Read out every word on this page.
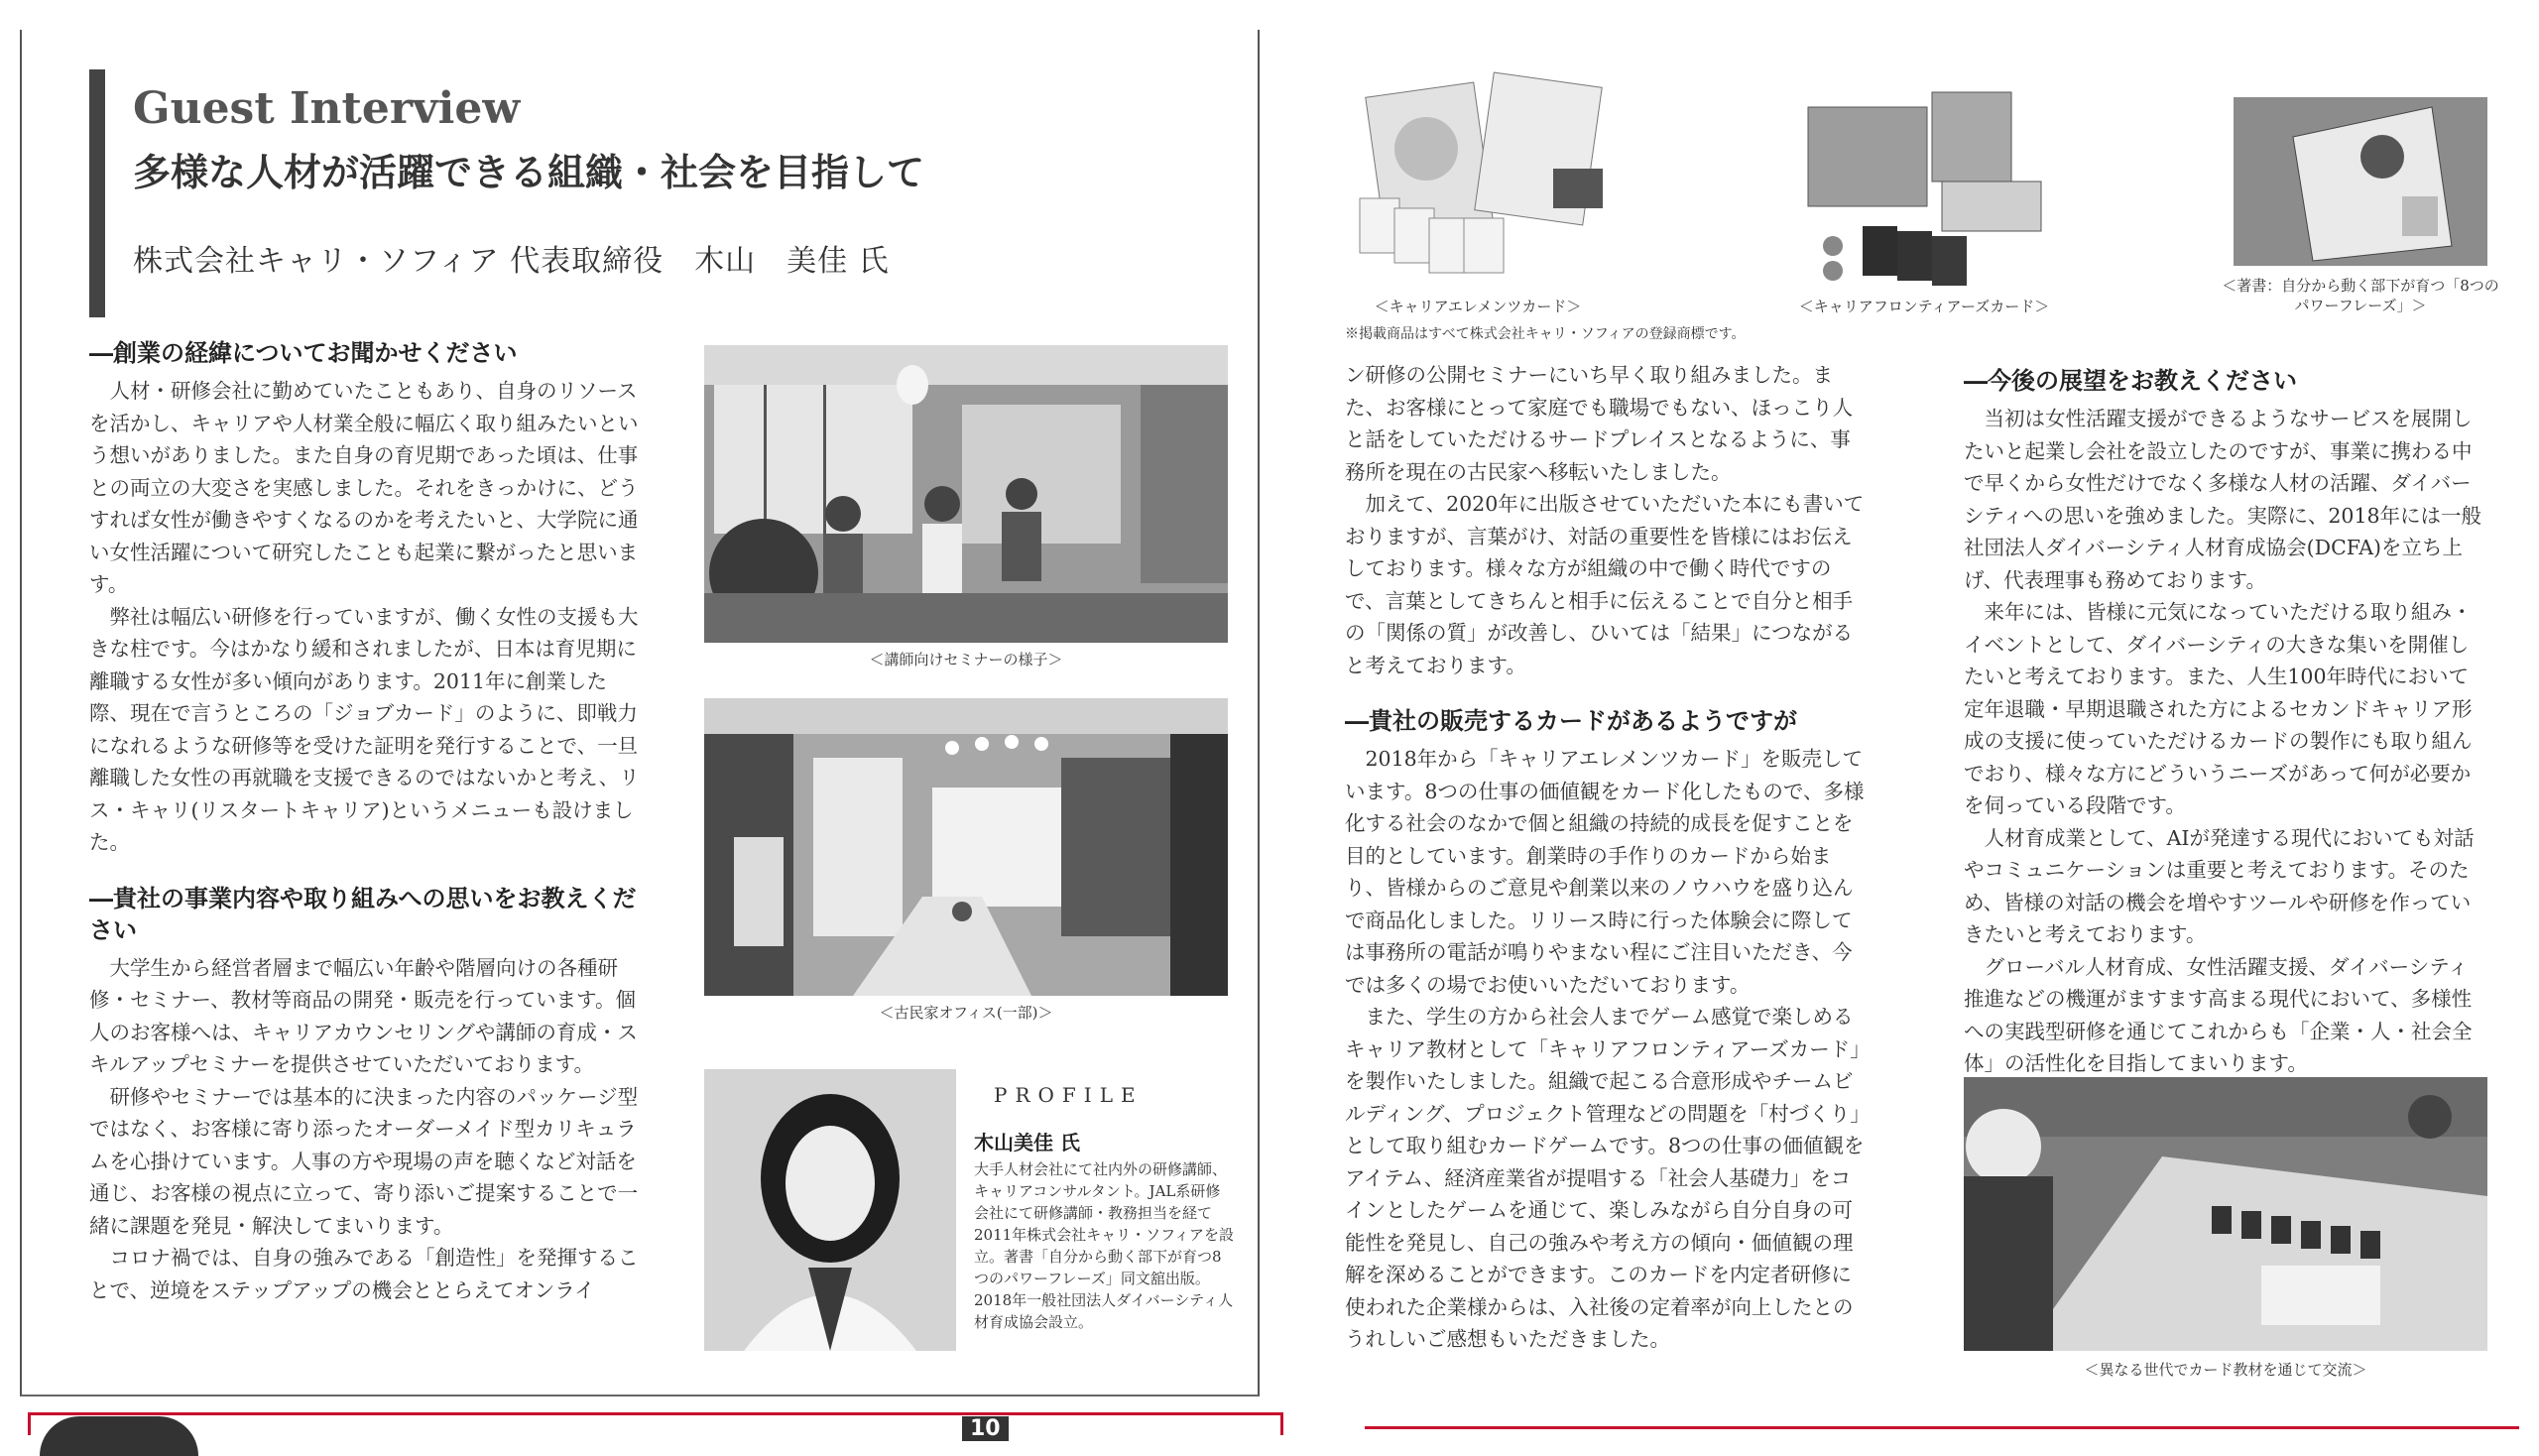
Guest Interview
多様な人材が活躍できる組織・社会を目指して
株式会社キャリ・ソフィア 代表取締役　木山　美佳 氏
―創業の経緯についてお聞かせください

人材・研修会社に勤めていたこともあり、自身のリソースを活かし、キャリアや人材業全般に幅広く取り組みたいという想いがありました。また自身の育児期であった頃は、仕事との両立の大変さを実感しました。それをきっかけに、どうすれば女性が働きやすくなるのかを考えたいと、大学院に通い女性活躍について研究したことも起業に繋がったと思います。

弊社は幅広い研修を行っていますが、働く女性の支援も大きな柱です。今はかなり緩和されましたが、日本は育児期に離職する女性が多い傾向があります。2011年に創業した際、現在で言うところの「ジョブカード」のように、即戦力になれるような研修等を受けた証明を発行することで、一旦離職した女性の再就職を支援できるのではないかと考え、リス・キャリ(リスタートキャリア)というメニューも設けました。

―貴社の事業内容や取り組みへの思いをお教えください

大学生から経営者層まで幅広い年齢や階層向けの各種研修・セミナー、教材等商品の開発・販売を行っています。個人のお客様へは、キャリアカウンセリングや講師の育成・スキルアップセミナーを提供させていただいております。

研修やセミナーでは基本的に決まった内容のパッケージ型ではなく、お客様に寄り添ったオーダーメイド型カリキュラムを心掛けています。人事の方や現場の声を聴くなど対話を通じ、お客様の視点に立って、寄り添いご提案することで一緒に課題を発見・解決してまいります。

コロナ禍では、自身の強みである「創造性」を発揮することで、逆境をステップアップの機会ととらえてオンライ

＜講師向けセミナーの様子＞
＜古民家オフィス(一部)＞
PROFILE
木山美佳 氏
大手人材会社にて社内外の研修講師、キャリアコンサルタント。JAL系研修会社にて研修講師・教務担当を経て2011年株式会社キャリ・ソフィアを設立。著書「自分から動く部下が育つ8つのパワーフレーズ」同文舘出版。2018年一般社団法人ダイバーシティ人材育成協会設立。
＜キャリアエレメンツカード＞
※掲載商品はすべて株式会社キャリ・ソフィアの登録商標です。
＜キャリアフロンティアーズカード＞
＜著書：自分から動く部下が育つ「8つのパワーフレーズ」＞

ン研修の公開セミナーにいち早く取り組みました。また、お客様にとって家庭でも職場でもない、ほっこり人と話をしていただけるサードプレイスとなるように、事務所を現在の古民家へ移転いたしました。

加えて、2020年に出版させていただいた本にも書いておりますが、言葉がけ、対話の重要性を皆様にはお伝えしております。様々な方が組織の中で働く時代ですので、言葉としてきちんと相手に伝えることで自分と相手の「関係の質」が改善し、ひいては「結果」につながると考えております。

―貴社の販売するカードがあるようですが

2018年から「キャリアエレメンツカード」を販売しています。8つの仕事の価値観をカード化したもので、多様化する社会のなかで個と組織の持続的成長を促すことを目的としています。創業時の手作りのカードから始まり、皆様からのご意見や創業以来のノウハウを盛り込んで商品化しました。リリース時に行った体験会に際しては事務所の電話が鳴りやまない程にご注目いただき、今では多くの場でお使いいただいております。

また、学生の方から社会人までゲーム感覚で楽しめるキャリア教材として「キャリアフロンティアーズカード」を製作いたしました。組織で起こる合意形成やチームビルディング、プロジェクト管理などの問題を「村づくり」として取り組むカードゲームです。8つの仕事の価値観をアイテム、経済産業省が提唱する「社会人基礎力」をコインとしたゲームを通じて、楽しみながら自分自身の可能性を発見し、自己の強みや考え方の傾向・価値観の理解を深めることができます。このカードを内定者研修に使われた企業様からは、入社後の定着率が向上したとのうれしいご感想もいただきました。

―今後の展望をお教えください

当初は女性活躍支援ができるようなサービスを展開したいと起業し会社を設立したのですが、事業に携わる中で早くから女性だけでなく多様な人材の活躍、ダイバーシティへの思いを強めました。実際に、2018年には一般社団法人ダイバーシティ人材育成協会(DCFA)を立ち上げ、代表理事も務めております。

来年には、皆様に元気になっていただける取り組み・イベントとして、ダイバーシティの大きな集いを開催したいと考えております。また、人生100年時代において定年退職・早期退職された方によるセカンドキャリア形成の支援に使っていただけるカードの製作にも取り組んでおり、様々な方にどういうニーズがあって何が必要かを伺っている段階です。

人材育成業として、AIが発達する現代においても対話やコミュニケーションは重要と考えております。そのため、皆様の対話の機会を増やすツールや研修を作っていきたいと考えております。

グローバル人材育成、女性活躍支援、ダイバーシティ推進などの機運がますます高まる現代において、多様性への実践型研修を通じてこれからも「企業・人・社会全体」の活性化を目指してまいります。

＜異なる世代でカード教材を通じて交流＞
10
